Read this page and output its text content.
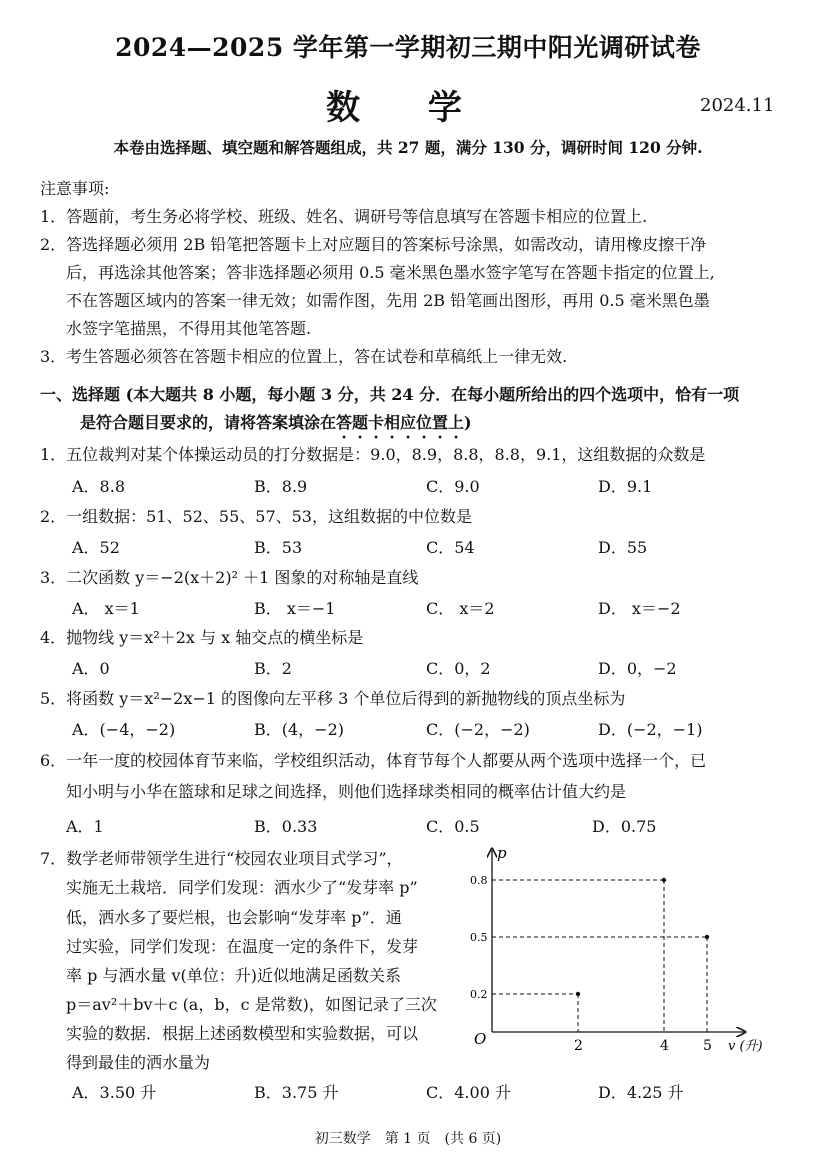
2024—2025 学年第一学期初三期中阳光调研试卷
数 学	2024.11
本卷由选择题、填空题和解答题组成，共 27 题，满分 130 分，调研时间 120 分钟.
注意事项:
1．答题前，考生务必将学校、班级、姓名、调研号等信息填写在答题卡相应的位置上.
2．答选择题必须用 2B 铅笔把答题卡上对应题目的答案标号涂黑，如需改动，请用橡皮擦干净
后，再选涂其他答案；答非选择题必须用 0.5 毫米黑色墨水签字笔写在答题卡指定的位置上,
不在答题区域内的答案一律无效；如需作图，先用 2B 铅笔画出图形，再用 0.5 毫米黑色墨
水签字笔描黑，不得用其他笔答题.
3．考生答题必须答在答题卡相应的位置上，答在试卷和草稿纸上一律无效.
一、选择题 (本大题共 8 小题，每小题 3 分，共 24 分．在每小题所给出的四个选项中，恰有一项
是符合题目要求的，请将答案填涂在答题卡相应位置上)
1．五位裁判对某个体操运动员的打分数据是：9.0，8.9，8.8，8.8，9.1，这组数据的众数是
A．8.8	B．8.9	C．9.0	D．9.1
2．一组数据：51、52、55、57、53，这组数据的中位数是
A．52	B．53	C．54	D．55
3．二次函数 y＝−2(x＋2)² ＋1 图象的对称轴是直线
A． x＝1	B． x＝−1	C． x＝2	D． x＝−2
4．抛物线 y＝x²＋2x 与 x 轴交点的横坐标是
A．0	B．2	C．0，2	D．0，−2
5．将函数 y＝x²−2x−1 的图像向左平移 3 个单位后得到的新抛物线的顶点坐标为
A．(−4，−2)	B．(4，−2)	C．(−2，−2)	D．(−2，−1)
6．一年一度的校园体育节来临，学校组织活动，体育节每个人都要从两个选项中选择一个，已
知小明与小华在篮球和足球之间选择，则他们选择球类相同的概率估计值大约是
A．1	B．0.33	C．0.5	D．0.75
7．数学老师带领学生进行“校园农业项目式学习”，
实施无土栽培．同学们发现：洒水少了“发芽率 p”
低，洒水多了要烂根，也会影响“发芽率 p”．通
过实验，同学们发现：在温度一定的条件下，发芽
率 p 与洒水量 v(单位：升)近似地满足函数关系
p＝av²＋bv＋c (a，b，c 是常数)，如图记录了三次
实验的数据．根据上述函数模型和实验数据，可以
得到最佳的洒水量为
A．3.50 升	B．3.75 升	C．4.00 升	D．4.25 升
p
v (升)
O
0.2
2
0.8
4
0.5
5
初三数学　第 1 页　(共 6 页)
